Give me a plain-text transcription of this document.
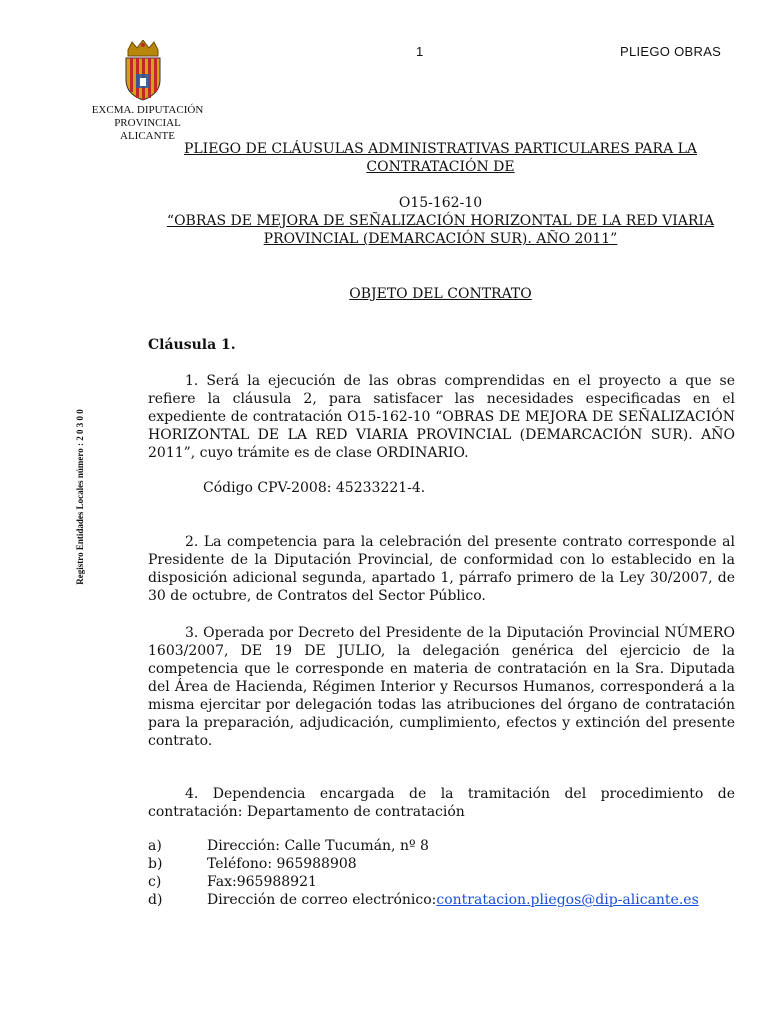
1	PLIEGO OBRAS
EXCMA. DIPUTACIÓN PROVINCIAL
ALICANTE
Registro Entidades Locales número : 2 0 3 0 0
PLIEGO DE CLÁUSULAS ADMINISTRATIVAS PARTICULARES PARA LA
CONTRATACIÓN DE
O15-162-10
“OBRAS DE MEJORA DE SEÑALIZACIÓN HORIZONTAL DE LA RED VIARIA
PROVINCIAL (DEMARCACIÓN SUR). AÑO 2011”
OBJETO DEL CONTRATO
Cláusula 1.
1. Será la ejecución de las obras comprendidas en el proyecto a que se refiere la cláusula 2, para satisfacer las necesidades especificadas en el expediente de contratación O15-162-10 “OBRAS DE MEJORA DE SEÑALIZACIÓN HORIZONTAL DE LA RED VIARIA PROVINCIAL (DEMARCACIÓN SUR). AÑO 2011”, cuyo trámite es de clase ORDINARIO.
Código CPV-2008: 45233221-4.
2. La competencia para la celebración del presente contrato corresponde al Presidente de la Diputación Provincial, de conformidad con lo establecido en la disposición adicional segunda, apartado 1, párrafo primero de la Ley 30/2007, de 30 de octubre, de Contratos del Sector Público.
3. Operada por Decreto del Presidente de la Diputación Provincial NÚMERO 1603/2007, DE 19 DE JULIO, la delegación genérica del ejercicio de la competencia que le corresponde en materia de contratación en la Sra. Diputada del Área de Hacienda, Régimen Interior y Recursos Humanos, corresponderá a la misma ejercitar por delegación todas las atribuciones del órgano de contratación para la preparación, adjudicación, cumplimiento, efectos y extinción del presente contrato.
4. Dependencia encargada de la tramitación del procedimiento de contratación: Departamento de contratación
a)	Dirección: Calle Tucumán, nº 8
b)	Teléfono: 965988908
c)	Fax:965988921
d)	Dirección de correo electrónico: contratacion.pliegos@dip-alicante.es
